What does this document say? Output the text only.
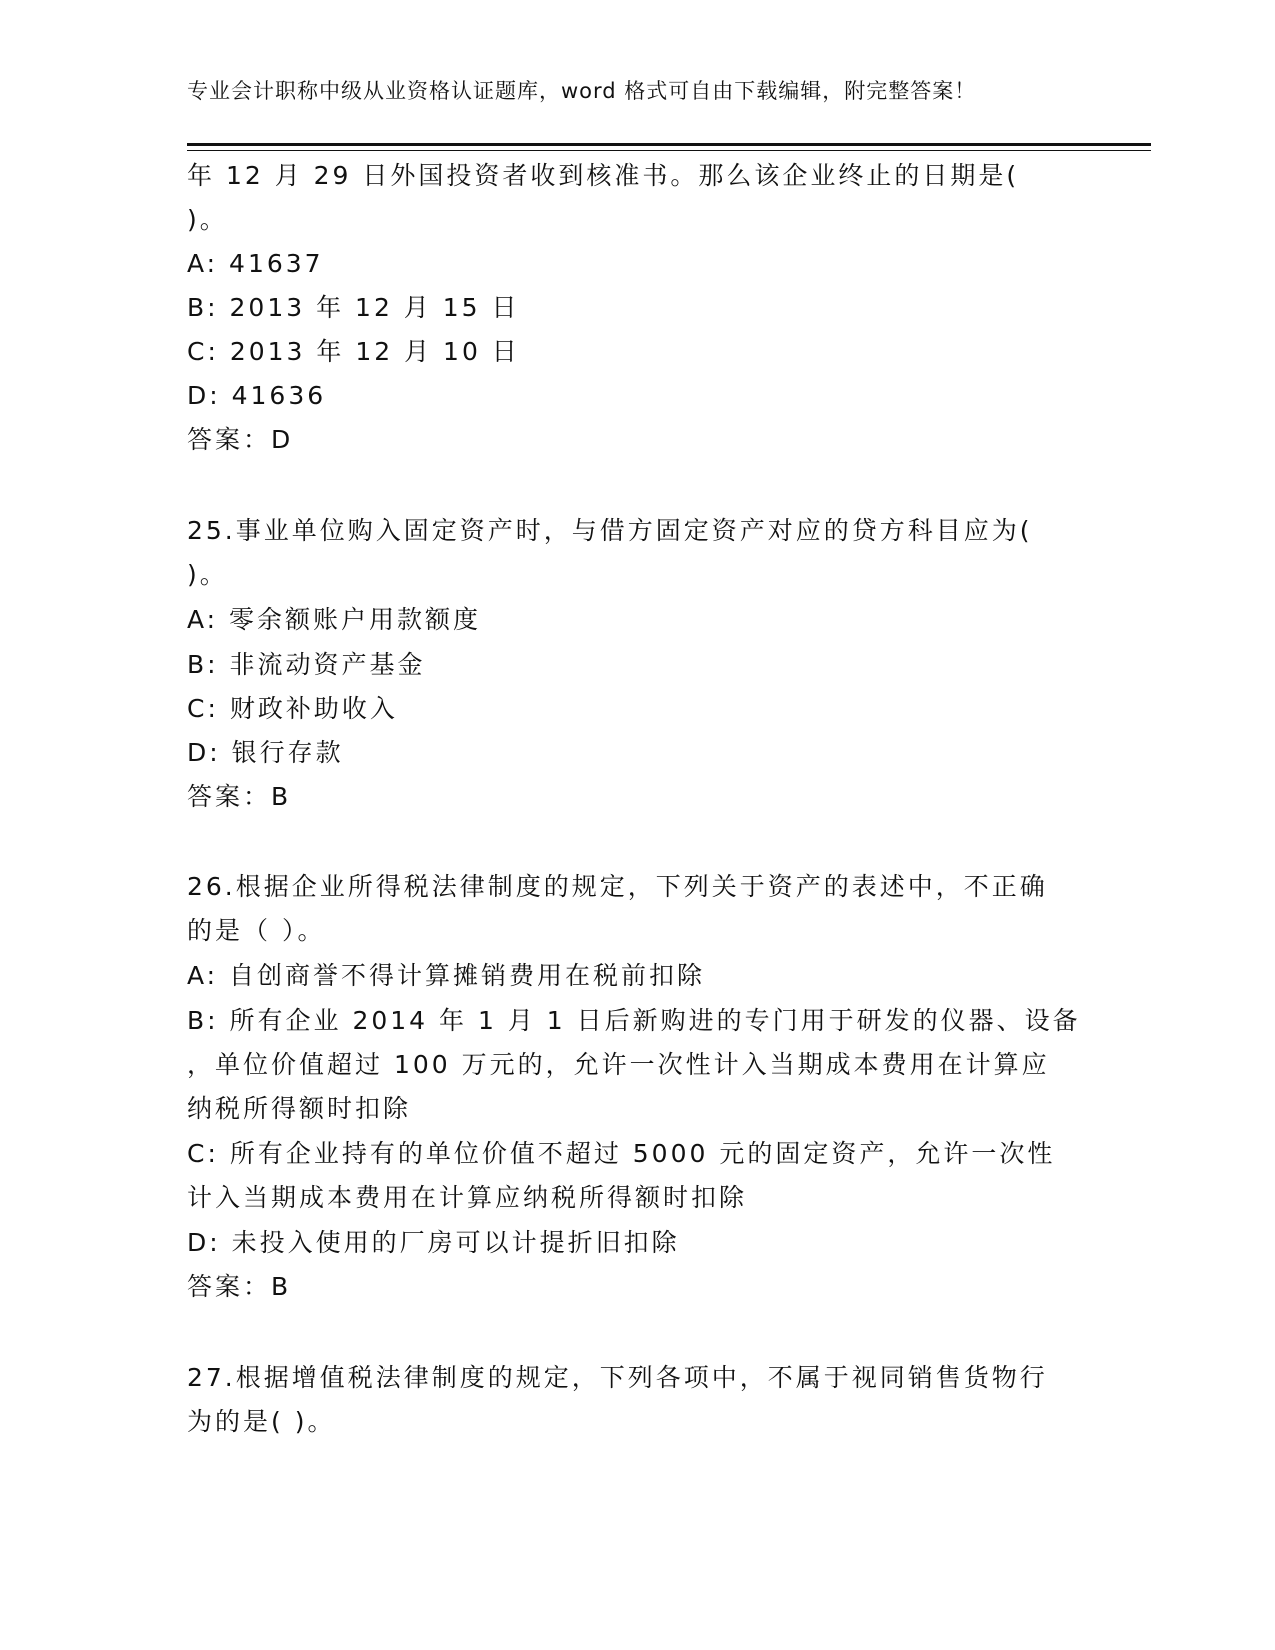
专业会计职称中级从业资格认证题库，word 格式可自由下载编辑，附完整答案！
年 12 月 29 日外国投资者收到核准书。那么该企业终止的日期是(
)。
A: 41637
B: 2013 年 12 月 15 日
C: 2013 年 12 月 10 日
D: 41636
答案：D
25.事业单位购入固定资产时，与借方固定资产对应的贷方科目应为(
)。
A: 零余额账户用款额度
B: 非流动资产基金
C: 财政补助收入
D: 银行存款
答案：B
26.根据企业所得税法律制度的规定，下列关于资产的表述中，不正确
的是（ ）。
A: 自创商誉不得计算摊销费用在税前扣除
B: 所有企业 2014 年 1 月 1 日后新购进的专门用于研发的仪器、设备
，单位价值超过 100 万元的，允许一次性计入当期成本费用在计算应
纳税所得额时扣除
C: 所有企业持有的单位价值不超过 5000 元的固定资产，允许一次性
计入当期成本费用在计算应纳税所得额时扣除
D: 未投入使用的厂房可以计提折旧扣除
答案：B
27.根据增值税法律制度的规定，下列各项中，不属于视同销售货物行
为的是( )。
